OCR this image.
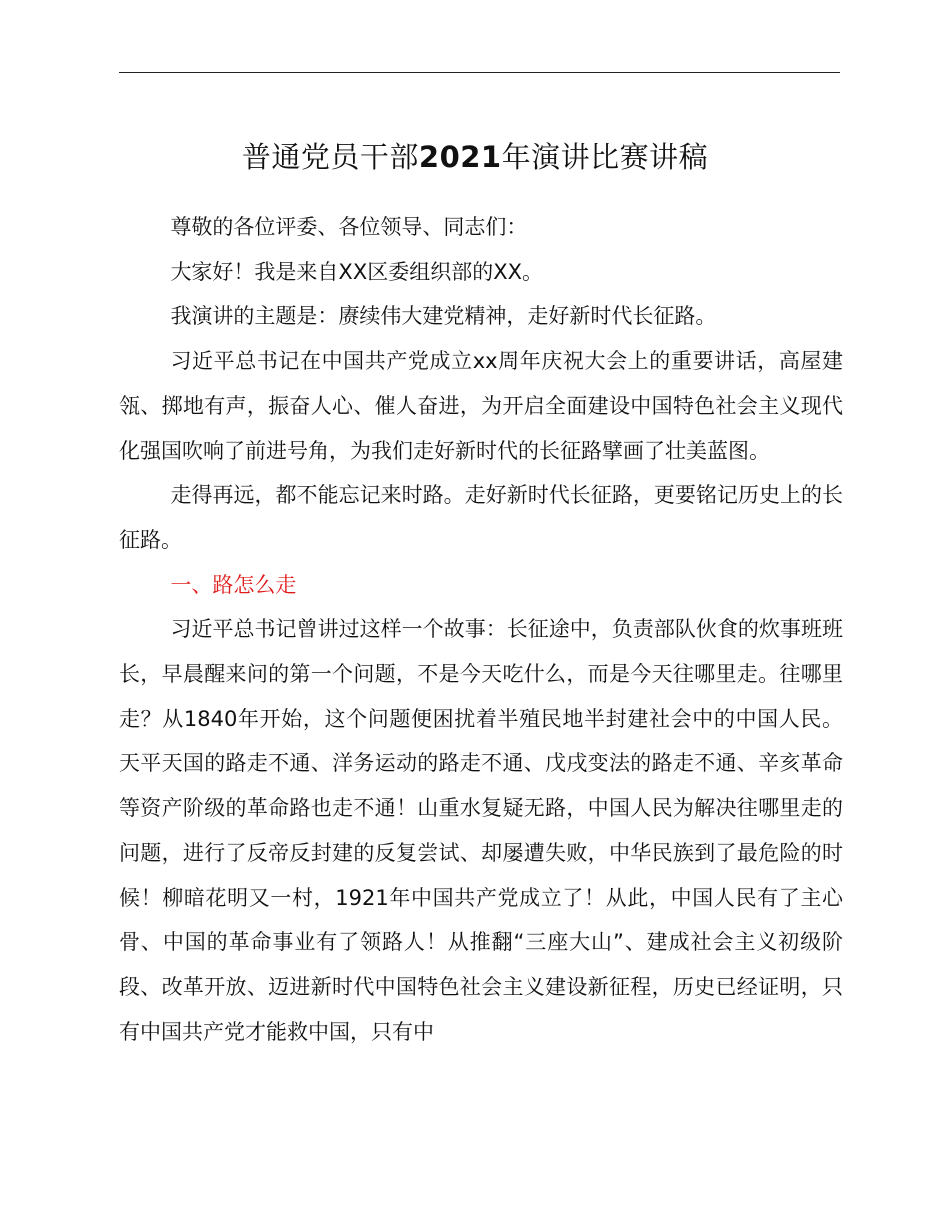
普通党员干部2021年演讲比赛讲稿

尊敬的各位评委、各位领导、同志们：

大家好！我是来自XX区委组织部的XX。

我演讲的主题是：赓续伟大建党精神，走好新时代长征路。

习近平总书记在中国共产党成立xx周年庆祝大会上的重要讲话，高屋建瓴、掷地有声，振奋人心、催人奋进，为开启全面建设中国特色社会主义现代化强国吹响了前进号角，为我们走好新时代的长征路擘画了壮美蓝图。

走得再远，都不能忘记来时路。走好新时代长征路，更要铭记历史上的长征路。

一、路怎么走

习近平总书记曾讲过这样一个故事：长征途中，负责部队伙食的炊事班班长，早晨醒来问的第一个问题，不是今天吃什么，而是今天往哪里走。往哪里走？从1840年开始，这个问题便困扰着半殖民地半封建社会中的中国人民。天平天国的路走不通、洋务运动的路走不通、戊戌变法的路走不通、辛亥革命等资产阶级的革命路也走不通！山重水复疑无路，中国人民为解决往哪里走的问题，进行了反帝反封建的反复尝试、却屡遭失败，中华民族到了最危险的时候！柳暗花明又一村，1921年中国共产党成立了！从此，中国人民有了主心骨、中国的革命事业有了领路人！从推翻“三座大山”、建成社会主义初级阶段、改革开放、迈进新时代中国特色社会主义建设新征程，历史已经证明，只有中国共产党才能救中国，只有中
